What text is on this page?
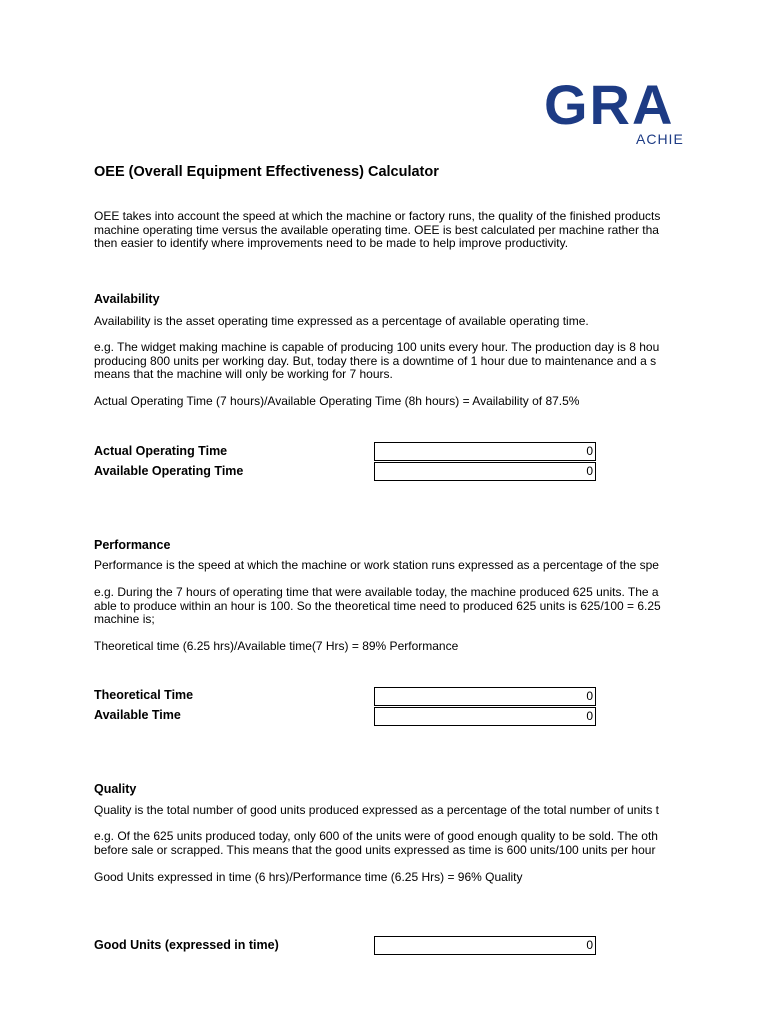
GRA
ACHIE
OEE (Overall Equipment Effectiveness) Calculator
OEE takes into account the speed at which the machine or factory runs, the quality of the finished products
machine operating time versus the available operating time. OEE is best calculated per machine rather tha
then easier to identify where improvements need to be made to help improve productivity.
Availability
Availability is the asset operating time expressed as a percentage of available operating time.
e.g. The widget making machine is capable of producing 100 units every hour. The production day is 8 hou
producing 800 units per working day. But, today there is a downtime of 1 hour due to maintenance and a s
means that the machine will only be working for 7 hours.
Actual Operating Time (7 hours)/Available Operating Time (8h hours) = Availability of 87.5%
Actual Operating Time
0
Available Operating Time
0
Performance
Performance is the speed at which the machine or work station runs expressed as a percentage of the spe
e.g. During the 7 hours of operating time that were available today, the machine produced 625 units. The a
able to produce within an hour is 100. So the theoretical time need to produced 625 units is 625/100 = 6.25
machine is;
Theoretical time (6.25 hrs)/Available time(7 Hrs) = 89% Performance
Theoretical Time
0
Available Time
0
Quality
Quality is the total number of good units produced expressed as a percentage of the total number of units t
e.g. Of the 625 units produced today, only 600 of the units were of good enough quality to be sold. The oth
before sale or scrapped. This means that the good units expressed as time is 600 units/100 units per hour
Good Units expressed in time (6 hrs)/Performance time (6.25 Hrs) = 96% Quality
Good Units (expressed in time)
0
